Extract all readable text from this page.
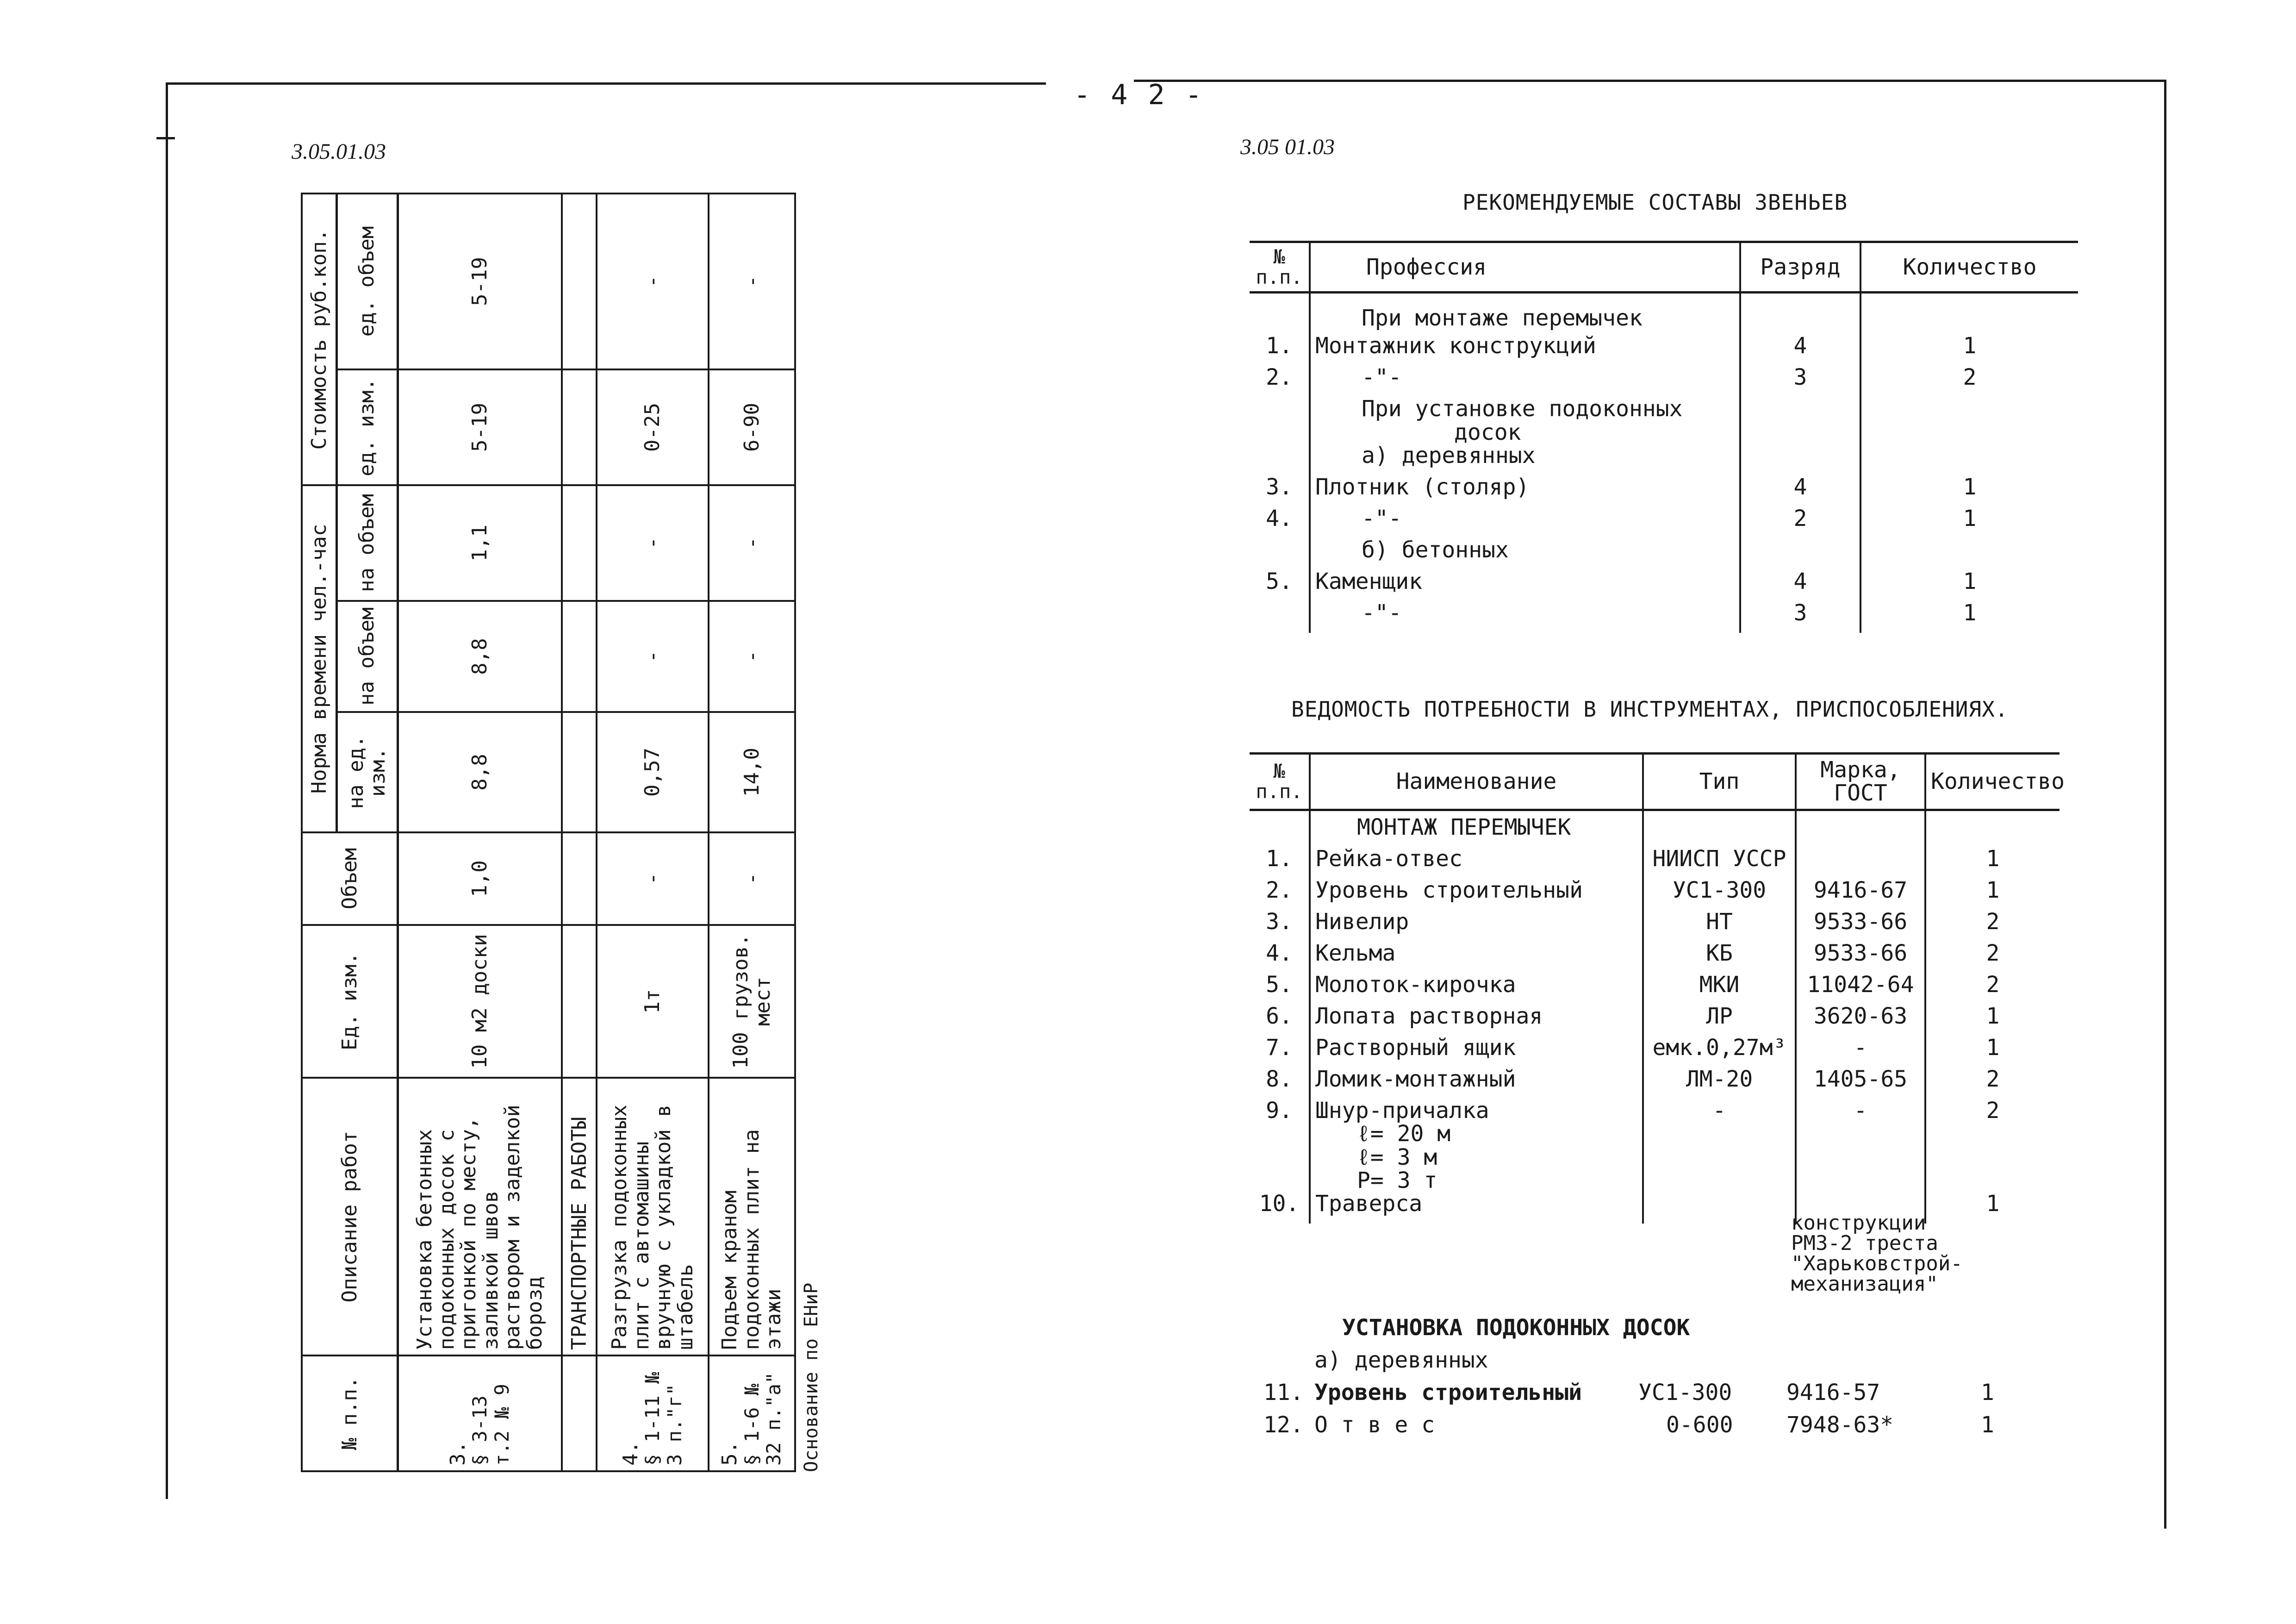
- 4 2 -
3.05.01.03	3.05 01.03
№ п.п.	Описание работ	Ед. изм.	Объем	Норма времени чел.-час			Стоимость руб.коп.	
				на ед. изм.	на объем	на объем	ед. изм.	ед. объем
3.
§ 3-13 т.2 № 9	Установка бетонных подоконных досок с пригонкой по месту, заливкой швов раствором и заделкой борозд	10 м2 доски	1,0	8,8	8,8	1,1	5-19	5-19
	ТРАНСПОРТНЫЕ РАБОТЫ							
4.
§ 1-11 № 3 п."г"	Разгрузка подоконных плит с автомашины вручную с укладкой в штабель	1т	-	0,57	-	-	0-25	-
5.
§ 1-6 № 32 п."а"	Подъем краном подоконных плит на этажи	100 грузов. мест	-	14,0	-	-	6-90	-
Основание по ЕНиР
РЕКОМЕНДУЕМЫЕ СОСТАВЫ ЗВЕНЬЕВ
№ п.п.	Профессия	Разряд	Количество
	При монтаже перемычек		
1.	Монтажник конструкций	4	1
2.	-"-	3	2
	При установке подоконных
досок		
	а) деревянных		
3.	Плотник (столяр)	4	1
4.	-"-	2	1
	б) бетонных		
5.	Каменщик	4	1
	-"-	3	1
ВЕДОМОСТЬ ПОТРЕБНОСТИ В ИНСТРУМЕНТАХ, ПРИСПОСОБЛЕНИЯХ.
№ п.п.	Наименование	Тип	Марка, ГОСТ	Количество
	МОНТАЖ ПЕРЕМЫЧЕК			
1.	Рейка-отвес	НИИСП УССР		1
2.	Уровень строительный	УС1-300	9416-67	1
3.	Нивелир	НТ	9533-66	2
4.	Кельма	КБ	9533-66	2
5.	Молоток-кирочка	МКИ	11042-64	2
6.	Лопата растворная	ЛР	3620-63	1
7.	Растворный ящик	емк.0,27м³	-	1
8.	Ломик-монтажный	ЛМ-20	1405-65	2
9.	Шнур-причалка
ℓ= 20 м
ℓ= 3 м
P= 3 т	-	-	2
10.	Траверса			1
конструкции РМЗ-2 треста "Харьковстрой- механизация"
УСТАНОВКА ПОДОКОННЫХ ДОСОК
а) деревянных
11. Уровень строительный	УС1-300 9416-57	1
12. О т в е с	0-600 7948-63*	1
